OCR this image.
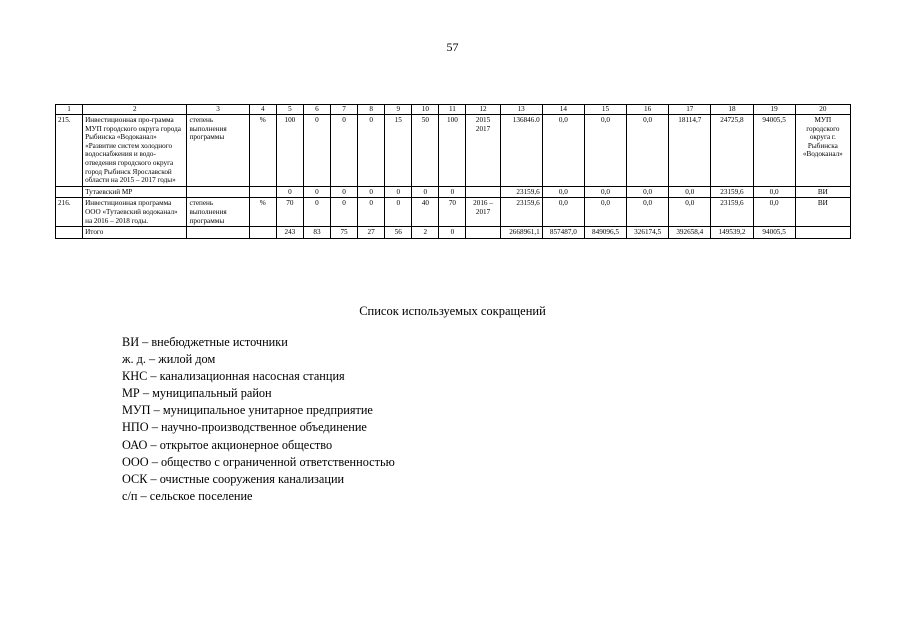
57
1	2	3	4	5	6	7	8	9	10	11	12	13	14	15	16	17	18	19	20
215.	Инвестиционная про-грамма МУП городского округа города Рыбинска «Водоканал» «Развитие систем холодного водоснабжения и водо-отведения городского округа город Рыбинск Ярославской области на 2015 – 2017 годы»	степень выполнения программы	%	100	0	0	0	15	50	100	2015 2017	136846.0	0,0	0,0	0,0	18114,7	24725,8	94005,5	МУП городского округа г. Рыбинска «Водоканал»
	Тутаевский МР			0	0	0	0	0	0	0		23159,6	0,0	0,0	0,0	0,0	23159,6	0,0	ВИ
216.	Инвестиционная программа ООО «Тутаевский водоканал» на 2016 – 2018 годы.	степень выполнения программы	%	70	0	0	0	0	40	70	2016 – 2017	23159,6	0,0	0,0	0,0	0,0	23159,6	0,0	ВИ
	Итого			243	83	75	27	56	2	0		2668961,1	857487,0	849096,5	326174,5	392658,4	149539,2	94005,5	
Список используемых сокращений
ВИ – внебюджетные источники
ж. д. – жилой дом
КНС – канализационная насосная станция
МР – муниципальный район
МУП – муниципальное унитарное предприятие
НПО – научно-производственное объединение
ОАО – открытое акционерное общество
ООО – общество с ограниченной ответственностью
ОСК – очистные сооружения канализации
с/п – сельское поселение
